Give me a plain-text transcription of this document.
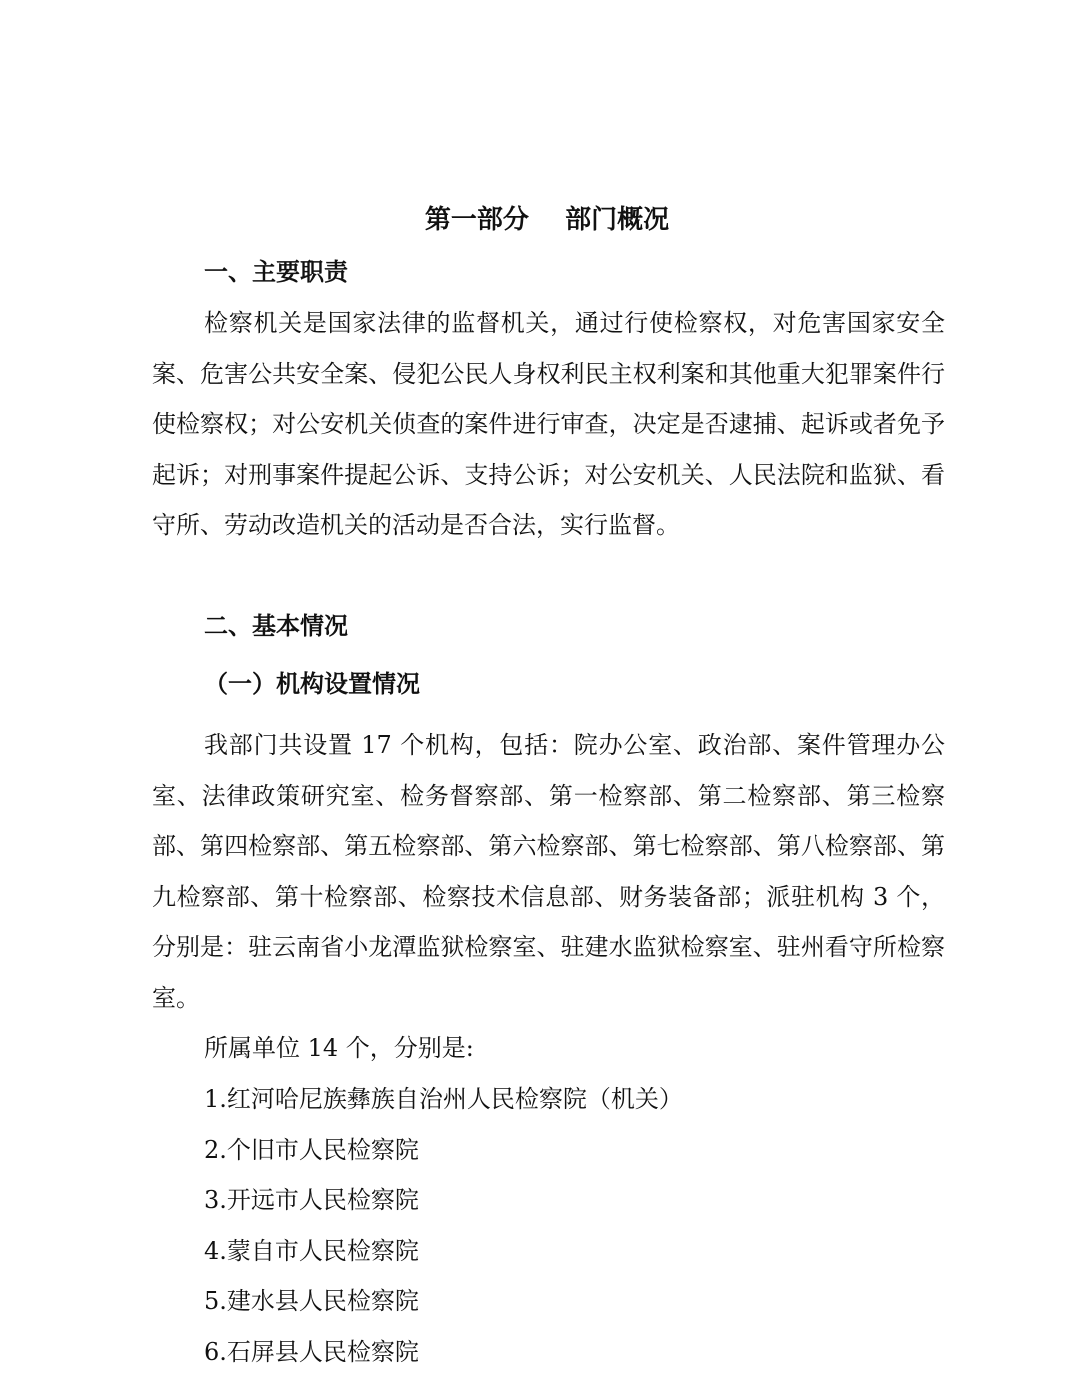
第一部分    部门概况
一、主要职责

检察机关是国家法律的监督机关，通过行使检察权，对危害国家安全案、危害公共安全案、侵犯公民人身权利民主权利案和其他重大犯罪案件行使检察权；对公安机关侦查的案件进行审查，决定是否逮捕、起诉或者免予起诉；对刑事案件提起公诉、支持公诉；对公安机关、人民法院和监狱、看守所、劳动改造机关的活动是否合法，实行监督。

二、基本情况
（一）机构设置情况

我部门共设置 17 个机构，包括：院办公室、政治部、案件管理办公室、法律政策研究室、检务督察部、第一检察部、第二检察部、第三检察部、第四检察部、第五检察部、第六检察部、第七检察部、第八检察部、第九检察部、第十检察部、检察技术信息部、财务装备部；派驻机构 3 个，分别是：驻云南省小龙潭监狱检察室、驻建水监狱检察室、驻州看守所检察室。

所属单位 14 个，分别是:

1.红河哈尼族彝族自治州人民检察院（机关）
2.个旧市人民检察院
3.开远市人民检察院
4.蒙自市人民检察院
5.建水县人民检察院
6.石屏县人民检察院
